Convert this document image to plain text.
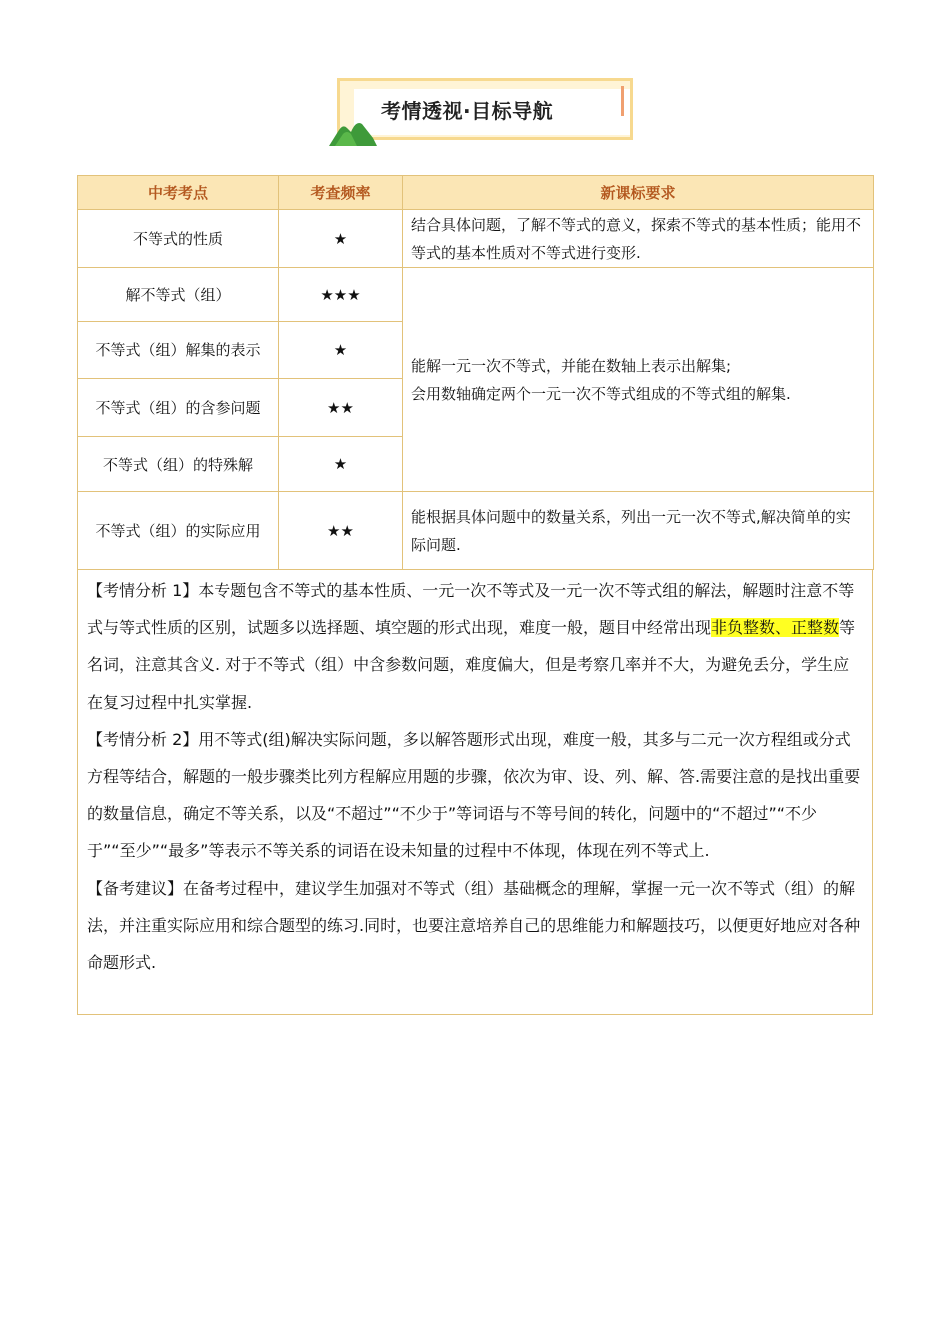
考情透视·目标导航
中考考点	考查频率	新课标要求
不等式的性质	★	结合具体问题，了解不等式的意义，探索不等式的基本性质；能用不等式的基本性质对不等式进行变形.
解不等式（组）	★★★	能解一元一次不等式，并能在数轴上表示出解集;
会用数轴确定两个一元一次不等式组成的不等式组的解集.

不等式（组）解集的表示	★	
不等式（组）的含参问题	★★	
不等式（组）的特殊解	★	
不等式（组）的实际应用	★★	能根据具体问题中的数量关系，列出一元一次不等式,解决简单的实际问题.

【考情分析 1】本专题包含不等式的基本性质、一元一次不等式及一元一次不等式组的解法，解题时注意不等式与等式性质的区别，试题多以选择题、填空题的形式出现，难度一般，题目中经常出现非负整数、正整数等名词，注意其含义. 对于不等式（组）中含参数问题，难度偏大，但是考察几率并不大，为避免丢分，学生应在复习过程中扎实掌握.

【考情分析 2】用不等式(组)解决实际问题，多以解答题形式出现，难度一般，其多与二元一次方程组或分式方程等结合，解题的一般步骤类比列方程解应用题的步骤，依次为审、设、列、解、答.需要注意的是找出重要的数量信息，确定不等关系，以及“不超过”“不少于”等词语与不等号间的转化，问题中的“不超过”“不少于”“至少”“最多”等表示不等关系的词语在设未知量的过程中不体现，体现在列不等式上.

【备考建议】在备考过程中，建议学生加强对不等式（组）基础概念的理解，掌握一元一次不等式（组）的解法，并注重实际应用和综合题型的练习.同时，也要注意培养自己的思维能力和解题技巧，以便更好地应对各种命题形式.
